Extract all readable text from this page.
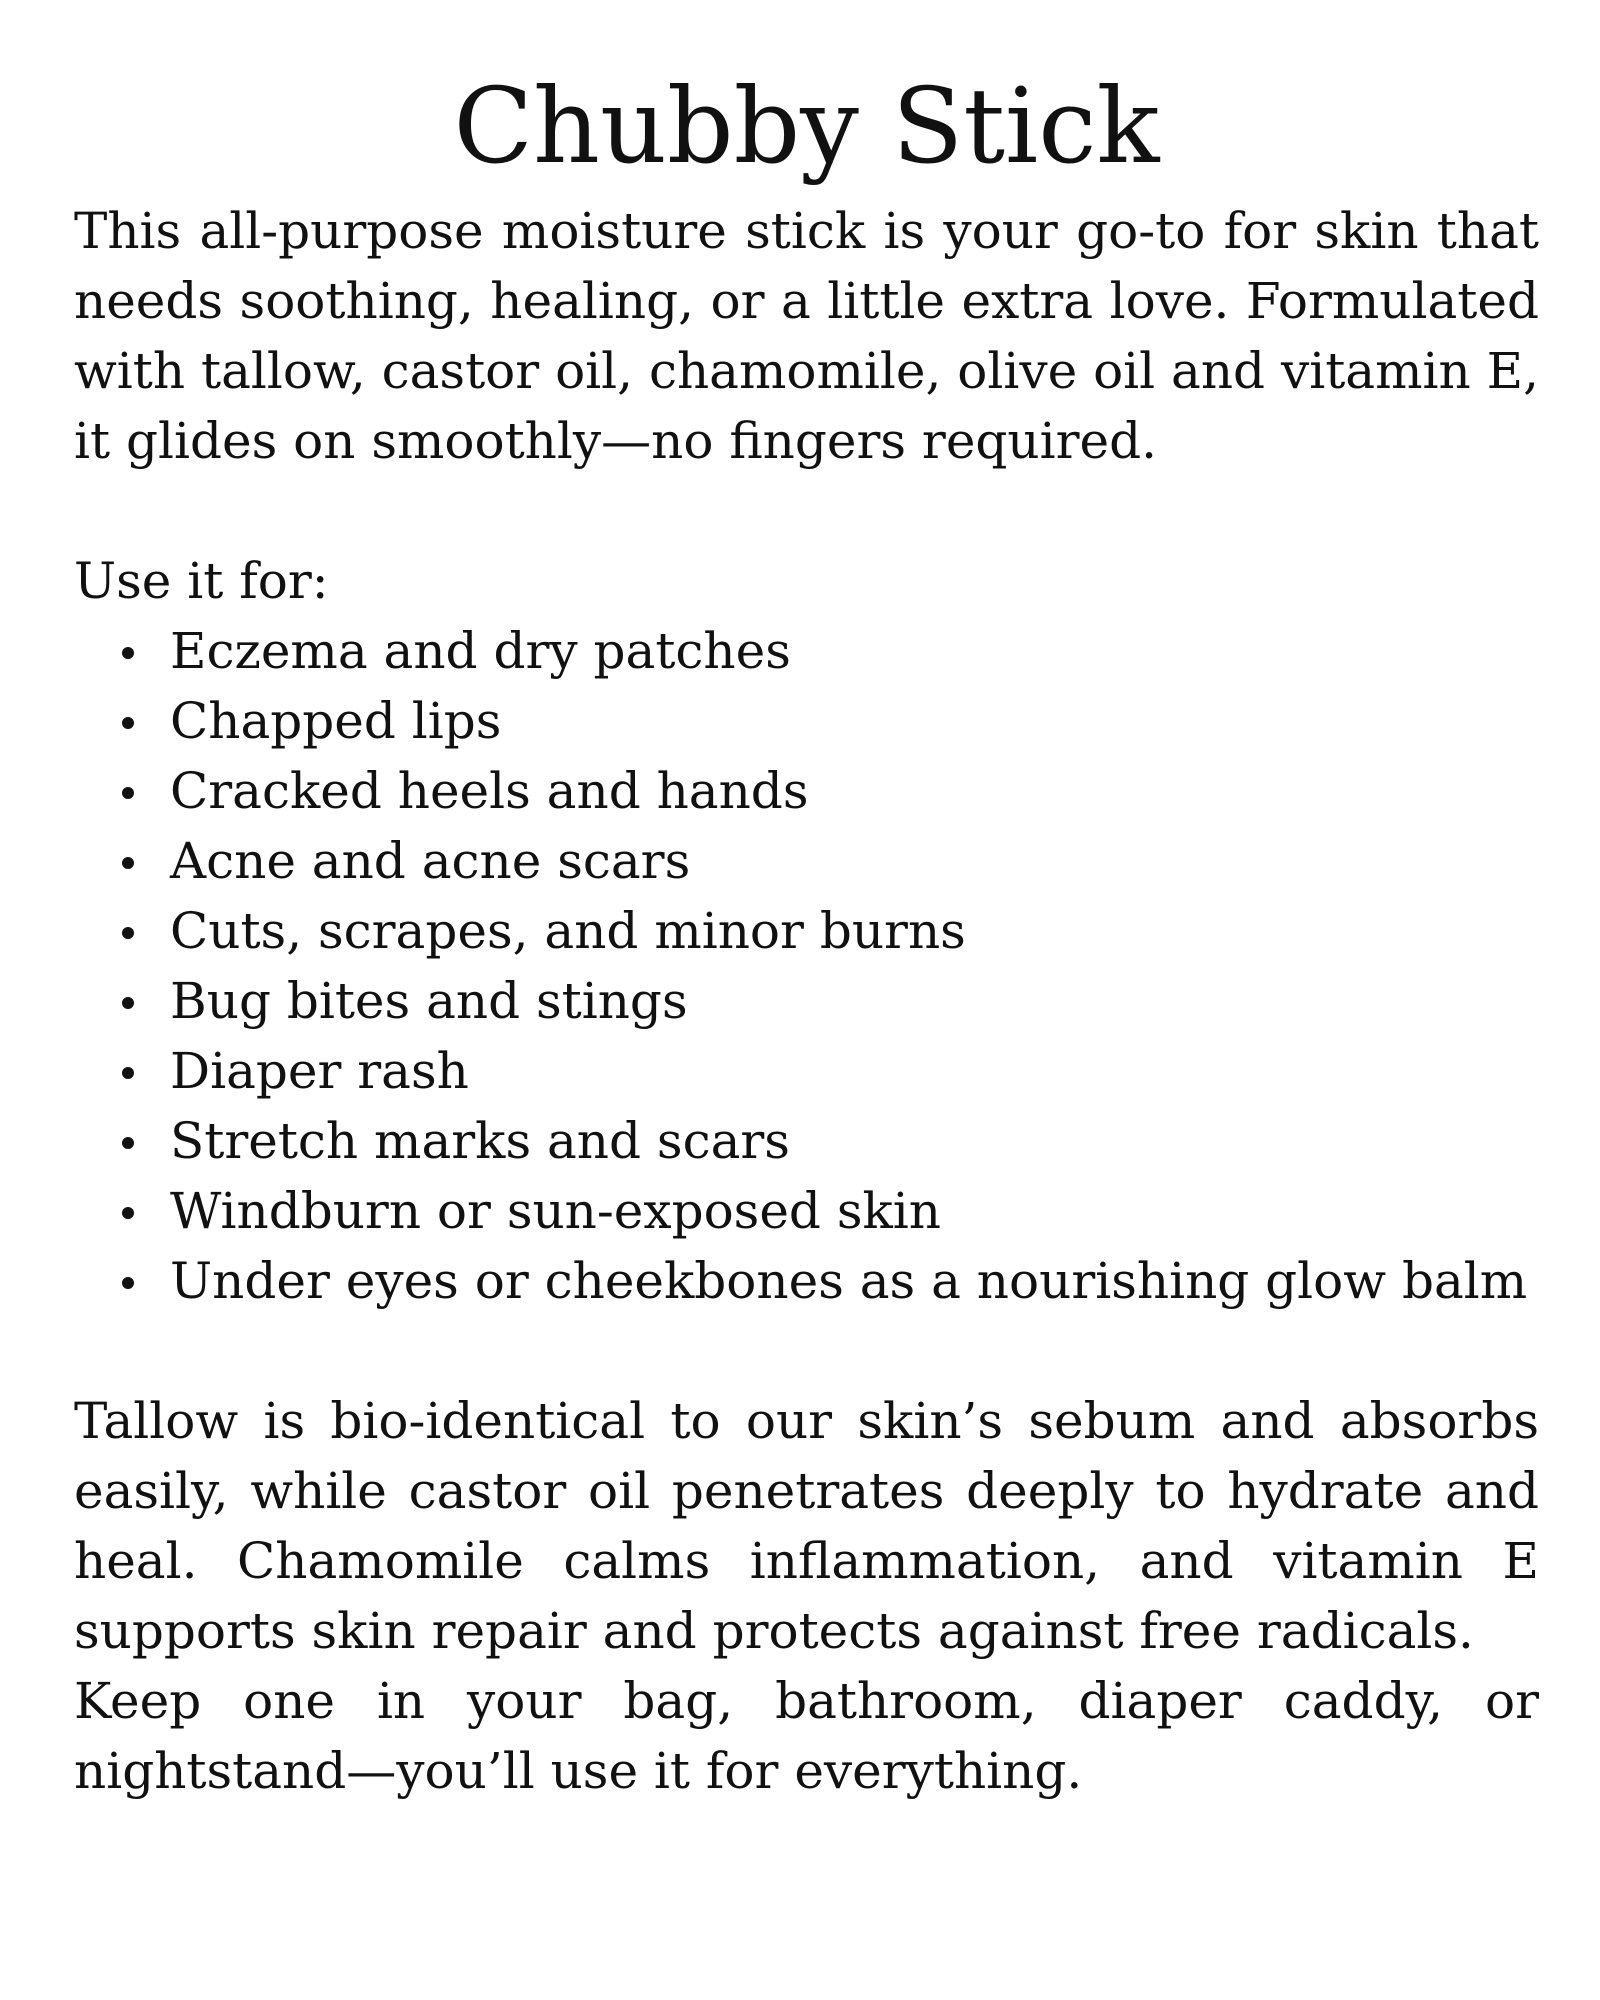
Chubby Stick

This all-purpose moisture stick is your go-to for skin that needs soothing, healing, or a little extra love. Formulated with tallow, castor oil, chamomile, olive oil and vitamin E, it glides on smoothly—no fingers required.

Use it for:
Eczema and dry patches
Chapped lips
Cracked heels and hands
Acne and acne scars
Cuts, scrapes, and minor burns
Bug bites and stings
Diaper rash
Stretch marks and scars
Windburn or sun-exposed skin
Under eyes or cheekbones as a nourishing glow balm

Tallow is bio-identical to our skin’s sebum and absorbs easily, while castor oil penetrates deeply to hydrate and heal. Chamomile calms inflammation, and vitamin E supports skin repair and protects against free radicals.

Keep one in your bag, bathroom, diaper caddy, or nightstand—you’ll use it for everything.
